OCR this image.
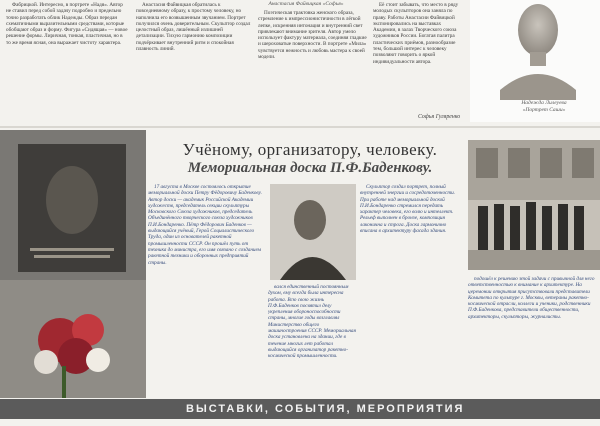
Фабрицкой. Интересно, в портрете «Надя». Автор не ставил перед собой задачу подробно и предельно точно разработать облик Надежды. Образ передан схематичными выразительными средствами, которые обобщают образ и форму. Фигура «Сидящая» — новое решение формы. Лиричная, тонкая, пластичная, но в то же время ясная, она выражает чистоту характера.

Анастасия Файвицкая обратилась к повседневному образу, к простому человеку, но наполнила его возвышенным звучанием. Портрет получился очень доверительным. Скульптор создал целостный образ, лишённый излишней детализации. Тихую гармонию композиции подчёркивает внутренний ритм и спокойная плавность линий.

Анастасия Файвицкая «Софья»

Поэтическая трактовка женского образа, стремление к импрессионистичности в лёгкой лепке, искренняя интонация и внутренний свет привлекают внимание зрителя. Автор умело использует фактуру материала, соединяя гладкие и шероховатые поверхности. В портрете «Мила» чувствуется нежность и любовь мастера к своей модели.

Её стоит забывать, что место в ряду молодых скульпторов она заняла по праву. Работы Анастасии Файвицкой экспонировались на выставках Академии, в залах Творческого союза художников России. Богатая палитра пластических приёмов, разнообразие тем, большой интерес к человеку позволяют говорить о яркой индивидуальности автора.

Софья Гуляренко
Надежда Лилеуева
«Портрет Саши»
Учёному, организатору, человеку.
Мемориальная доска П.Ф.Баденкову.

17 августа в Москве состоялось открытие мемориальной доски Петру Фёдоровичу Баденкову. Автор доски — академик Российской Академии художеств, председатель секции скульптуры Московского Союза художников, председатель Объединённого творческого союза художников П.И.Бондаренко. Пётр Фёдорович Баденков — выдающийся учёный, Герой Социалистического Труда, один из основателей ракетной промышленности СССР. Он прошёл путь от техника до министра, его имя связано с созданием ракетной техники и оборонных предприятий страны.

вался единственный постоянным духом, ему всегда была интересна работа. Всю свою жизнь П.Ф.Баденков посвятил делу укрепления обороноспособности страны, многие годы возглавлял Министерство общего машиностроения СССР. Мемориальная доска установлена на здании, где в течение многих лет работал выдающийся организатор ракетно-космической промышленности.

Скульптор создал портрет, полный внутренней энергии и сосредоточенности. При работе над мемориальной доской П.И.Бондаренко стремился передать характер человека, его волю и интеллект. Рельеф выполнен в бронзе, композиция лаконична и строга. Доска гармонично вписана в архитектуру фасада здания.

подошёл к решению этой задачи с привычной для него ответственностью к внимание к архитектуре. На церемонии открытия присутствовали представители Комитета по культуре г. Москвы, ветераны ракетно-космической отрасли, коллеги и ученики, родственники П.Ф.Баденкова, представители общественности, архитекторы, скульпторы, журналисты.

ВЫСТАВКИ, СОБЫТИЯ, МЕРОПРИЯТИЯ
